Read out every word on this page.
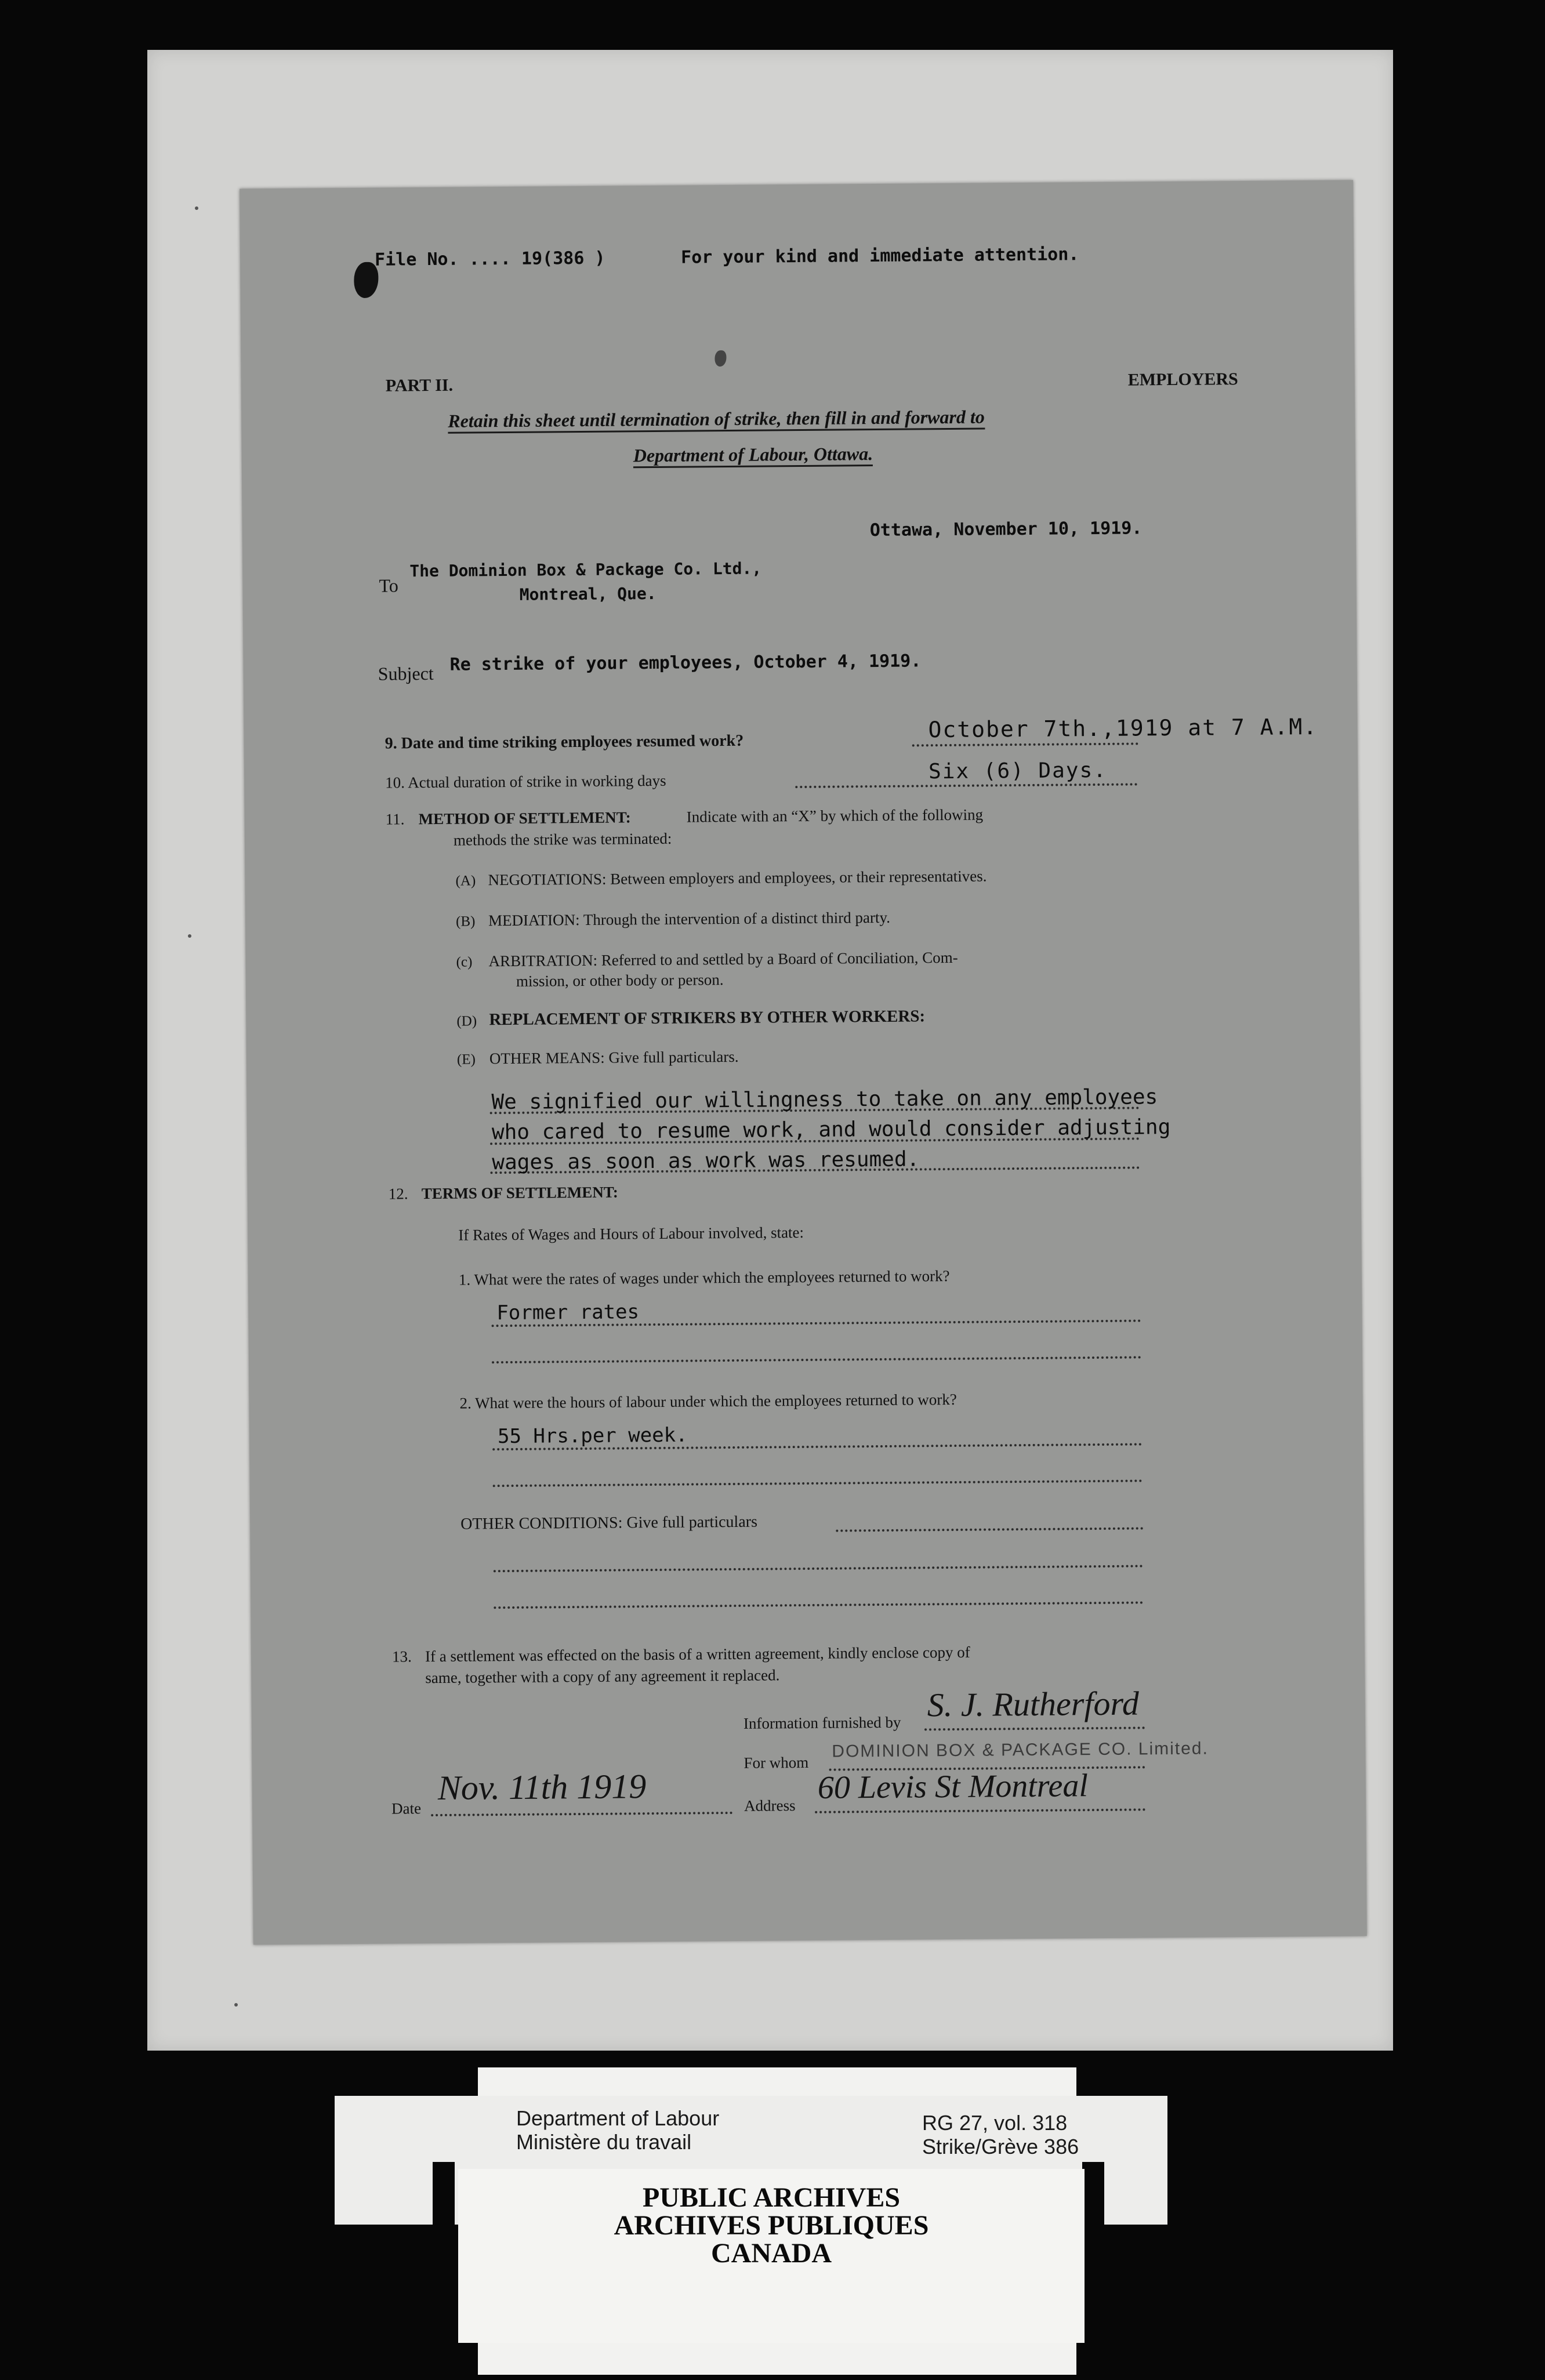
File No. .... 19(386 )	For your kind and immediate attention.
PART II.	EMPLOYERS
Retain this sheet until termination of strike, then fill in and forward to
Department of Labour, Ottawa.
Ottawa, November 10, 1919.
To
The Dominion Box & Package Co. Ltd.,
Montreal, Que.
Subject Re strike of your employees, October 4, 1919.
9. Date and time striking employees resumed work?	October 7th.,1919 at 7 A.M.
10. Actual duration of strike in working days	Six (6) Days.
11. METHOD OF SETTLEMENT:	Indicate with an “X” by which of the following
methods the strike was terminated:
(A) NEGOTIATIONS: Between employers and employees, or their representatives.
(B) MEDIATION: Through the intervention of a distinct third party.
(c) ARBITRATION: Referred to and settled by a Board of Conciliation, Com-
mission, or other body or person.
(D) REPLACEMENT OF STRIKERS BY OTHER WORKERS:
(E) OTHER MEANS: Give full particulars.
We signified our willingness to take on any employees
who cared to resume work, and would consider adjusting
wages as soon as work was resumed.
12. TERMS OF SETTLEMENT:
If Rates of Wages and Hours of Labour involved, state:
1. What were the rates of wages under which the employees returned to work?
Former rates
2. What were the hours of labour under which the employees returned to work?
55 Hrs.per week.
OTHER CONDITIONS: Give full particulars
13. If a settlement was effected on the basis of a written agreement, kindly enclose copy of
same, together with a copy of any agreement it replaced.
Information furnished by S. J. Rutherford
For whom
DOMINION BOX & PACKAGE CO. Limited.
Date
Nov. 11th 1919	Address 60 Levis St Montreal
Department of Labour
Ministère du travail
RG 27, vol. 318
Strike/Grève 386
PUBLIC ARCHIVES
ARCHIVES PUBLIQUES
CANADA
